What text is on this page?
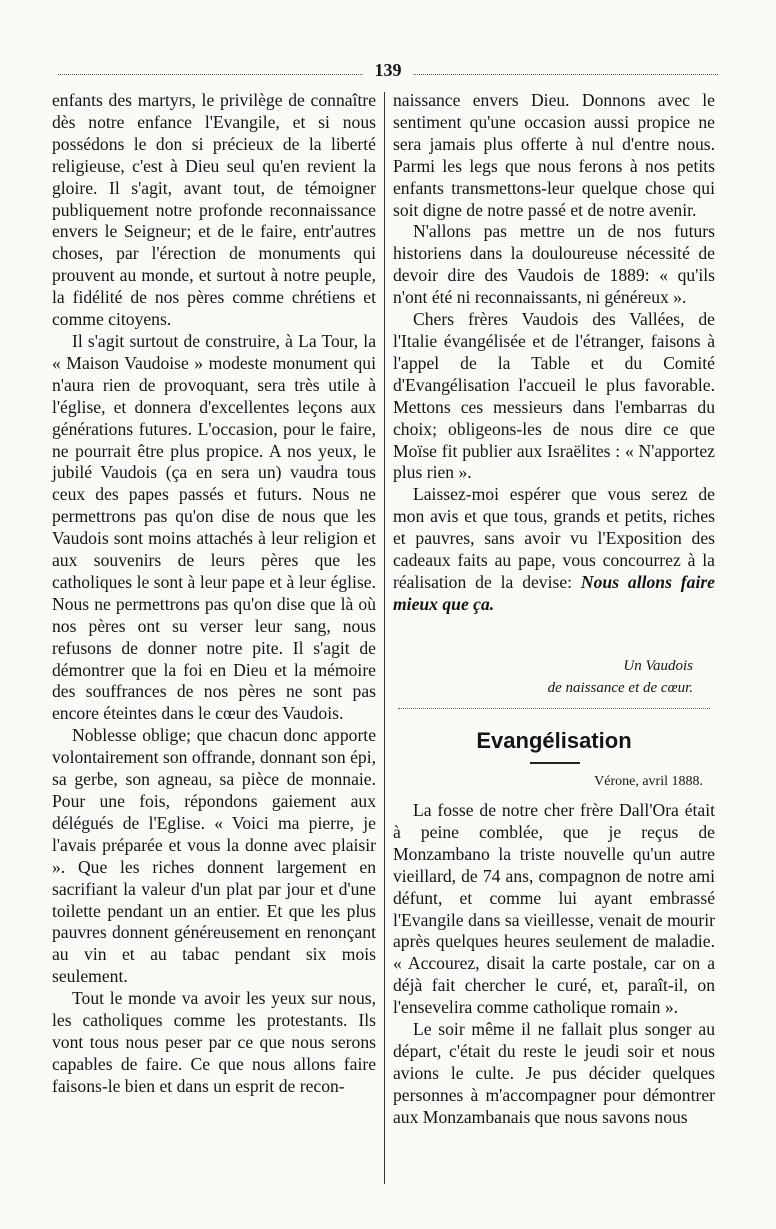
139

enfants des martyrs, le privilège de connaître dès notre enfance l'Evangile, et si nous possédons le don si précieux de la liberté religieuse, c'est à Dieu seul qu'en revient la gloire. Il s'agit, avant tout, de témoigner publiquement notre profonde reconnaissance envers le Seigneur; et de le faire, entr'autres choses, par l'érection de monuments qui prouvent au monde, et surtout à notre peuple, la fidélité de nos pères comme chrétiens et comme citoyens.

Il s'agit surtout de construire, à La Tour, la « Maison Vaudoise » modeste monument qui n'aura rien de provoquant, sera très utile à l'église, et donnera d'excellentes leçons aux générations futures. L'occasion, pour le faire, ne pourrait être plus propice. A nos yeux, le jubilé Vaudois (ça en sera un) vaudra tous ceux des papes passés et futurs. Nous ne permettrons pas qu'on dise de nous que les Vaudois sont moins attachés à leur religion et aux souvenirs de leurs pères que les catholiques le sont à leur pape et à leur église. Nous ne permettrons pas qu'on dise que là où nos pères ont su verser leur sang, nous refusons de donner notre pite. Il s'agit de démontrer que la foi en Dieu et la mémoire des souffrances de nos pères ne sont pas encore éteintes dans le cœur des Vaudois.

Noblesse oblige; que chacun donc apporte volontairement son offrande, donnant son épi, sa gerbe, son agneau, sa pièce de monnaie. Pour une fois, répondons gaiement aux délégués de l'Eglise. « Voici ma pierre, je l'avais préparée et vous la donne avec plaisir ». Que les riches donnent largement en sacrifiant la valeur d'un plat par jour et d'une toilette pendant un an entier. Et que les plus pauvres donnent généreusement en renonçant au vin et au tabac pendant six mois seulement.

Tout le monde va avoir les yeux sur nous, les catholiques comme les protestants. Ils vont tous nous peser par ce que nous serons capables de faire. Ce que nous allons faire faisons-le bien et dans un esprit de recon-

naissance envers Dieu. Donnons avec le sentiment qu'une occasion aussi propice ne sera jamais plus offerte à nul d'entre nous. Parmi les legs que nous ferons à nos petits enfants transmettons-leur quelque chose qui soit digne de notre passé et de notre avenir.

N'allons pas mettre un de nos futurs historiens dans la douloureuse nécessité de devoir dire des Vaudois de 1889: « qu'ils n'ont été ni reconnaissants, ni généreux ».

Chers frères Vaudois des Vallées, de l'Italie évangélisée et de l'étranger, faisons à l'appel de la Table et du Comité d'Evangélisation l'accueil le plus favorable. Mettons ces messieurs dans l'embarras du choix; obligeons-les de nous dire ce que Moïse fit publier aux Israëlites : « N'apportez plus rien ».

Laissez-moi espérer que vous serez de mon avis et que tous, grands et petits, riches et pauvres, sans avoir vu l'Exposition des cadeaux faits au pape, vous concourrez à la réalisation de la devise: Nous allons faire mieux que ça.

Un Vaudois
de naissance et de cœur.
Evangélisation
Vérone, avril 1888.

La fosse de notre cher frère Dall'Ora était à peine comblée, que je reçus de Monzambano la triste nouvelle qu'un autre vieillard, de 74 ans, compagnon de notre ami défunt, et comme lui ayant embrassé l'Evangile dans sa vieillesse, venait de mourir après quelques heures seulement de maladie. « Accourez, disait la carte postale, car on a déjà fait chercher le curé, et, paraît-il, on l'ensevelira comme catholique romain ».

Le soir même il ne fallait plus songer au départ, c'était du reste le jeudi soir et nous avions le culte. Je pus décider quelques personnes à m'accompagner pour démontrer aux Monzambanais que nous savons nous
